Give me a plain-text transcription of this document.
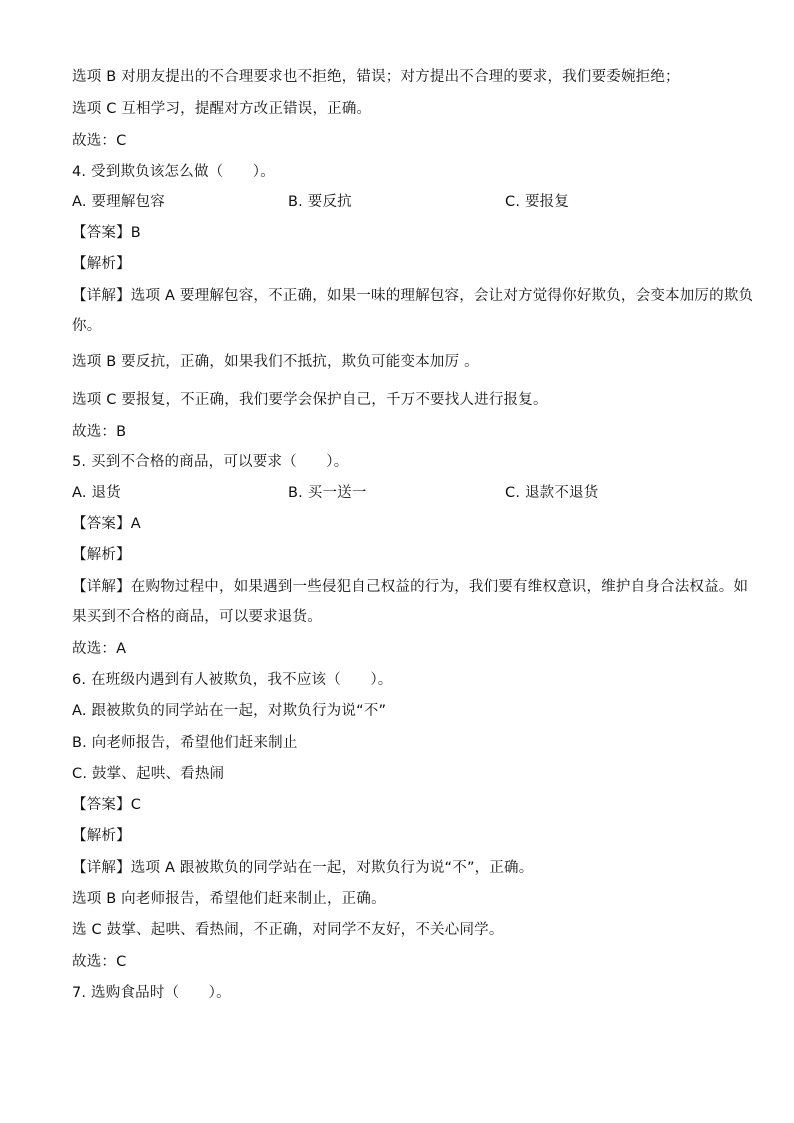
选项 B 对朋友提出的不合理要求也不拒绝，错误；对方提出不合理的要求，我们要委婉拒绝；
选项 C 互相学习，提醒对方改正错误，正确。
故选：C
4. 受到欺负该怎么做（　　）。
A. 要理解包容	B. 要反抗	C. 要报复
【答案】B
【解析】
【详解】选项 A 要理解包容，不正确，如果一味的理解包容，会让对方觉得你好欺负，会变本加厉的欺负
你。
选项 B 要反抗，正确，如果我们不抵抗，欺负可能变本加厉 。
选项 C 要报复，不正确，我们要学会保护自己，千万不要找人进行报复。
故选：B
5. 买到不合格的商品，可以要求（　　）。
A. 退货	B. 买一送一	C. 退款不退货
【答案】A
【解析】
【详解】在购物过程中，如果遇到一些侵犯自己权益的行为，我们要有维权意识，维护自身合法权益。如
果买到不合格的商品，可以要求退货。
故选：A
6. 在班级内遇到有人被欺负，我不应该（　　）。
A. 跟被欺负的同学站在一起，对欺负行为说“不”
B. 向老师报告，希望他们赶来制止
C. 鼓掌、起哄、看热闹
【答案】C
【解析】
【详解】选项 A 跟被欺负的同学站在一起，对欺负行为说“不”，正确。
选项 B 向老师报告，希望他们赶来制止，正确。
选 C 鼓掌、起哄、看热闹，不正确，对同学不友好，不关心同学。
故选：C
7. 选购食品时（　　）。
